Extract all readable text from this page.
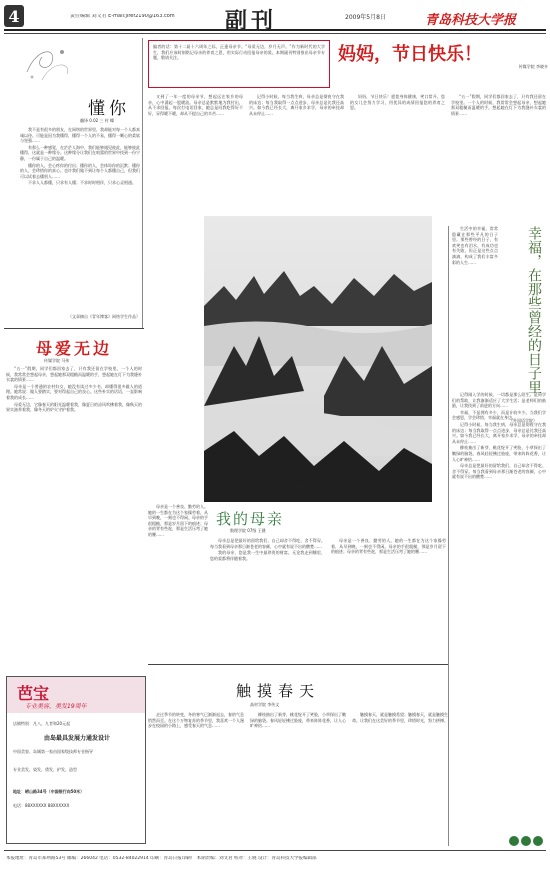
4	责任编辑 刘文君 E-mail:jiref2190@163.com	副刊	2009年5月8日	青岛科技大学报
懂你
翻译 0.02 三 村 蝶

我不是有很多的朋友，在网络的世界里，我却能对每一个人都真诚以待。可能是因为我懂得，懂得一个人的不易，懂得一颗心的柔软与坚强……

有那么一种感觉，在茫茫人海中，我们能够遇见彼此，能够彼此懂得，这就是一种缘分。这种缘分让我们在喧嚣的世界中找到一份宁静，一份属于自己的温暖。

懂你的人，会心疼你的付出；懂你的人，会体谅你的沉默；懂你的人，会珍惜你的真心。也许我们做不到让每个人都懂自己，但我们可以试着去懂别人……

不求人人都懂，只求有人懂；不求时时相伴，只求心灵相通。

（文章摘自《青年博客》网络学生作品）
母爱无边
传媒学院 马伟

“五一”假期，同学们都回家去了，只有我还留在学校里。一个人的时候，我常常会想起母亲，想起她那双粗糙而温暖的手，想起她在灯下为我缝补衣裳的情景……

母亲是一个普通的农村妇女，她没有读过多少书，却懂得很多做人的道理。她常说：做人要踏实，要对得起自己的良心。这些朴实的话语，一直影响着我的成长……

母爱无边，它像春天的阳光温暖着我，像夏日的凉风吹拂着我，像秋天的果实滋养着我，像冬天的炉火守护着我。

芭宝
专业美容，美发19周年
店铺特别：凡八、九者和20元起
由岛最具发展力通发设计
中国美容、岛城第一家由国家级技师专业指导
专业美发、染发、烫发、护发、造型
地址：崂山路34号（中国银行向50米）
电话：88XXXXXX 88XXXXXX
编者的话：第十二届十六周年之际，正逢母亲节。“母爱无边，岁月无声。”作为新时代的大学生，我们应该时刻铭记母亲的养育之恩，用实际行动回报母亲的爱。本期副刊特别推出母亲节专题，敬请关注。	妈妈，节日快乐！
传媒学院 李晓卉

又到了一年一度的母亲节，想起远在家乡的母亲，心中涌起一股暖流。母亲总是默默地为我付出，从不求回报。每次打电话回家，她总是问我吃得好不好，穿得暖不暖，却从不提自己的辛苦……

记得小时候，每当我生病，母亲总是彻夜守在我的床边；每当我取得一点点进步，母亲总是比我还高兴。如今我已经长大，离开家乡求学，母亲的牵挂却从未停止……

妈妈，节日快乐！愿您身体健康，笑口常开。您的女儿会努力学习，用优异的成绩回报您的养育之恩。

“五一”假期，同学们都回家去了，只有我还留在学校里。一个人的时候，我常常会想起母亲，想起她那双粗糙而温暖的手，想起她在灯下为我缝补衣裳的情景……

黄山云海	赵松 摄

母亲是一个善良、勤劳的人。她的一生都在为这个家操劳着，从早到晚，一刻也不得闲。母亲的手很粗糙，那是岁月留下的痕迹；母亲的背有些驼，那是生活压弯了她的腰……

我的母亲
数理学院 07级 王健

母亲总是把最好的留给我们，自己却舍不得吃、舍不得穿。每当我看到母亲那日渐苍老的容颜，心中就有说不出的酸楚……

我的母亲，您是我一生中最珍贵的财富。无论我走到哪里，您的爱都将伴随着我。

母亲是一个善良、勤劳的人。她的一生都在为这个家操劳着，从早到晚，一刻也不得闲。母亲的手很粗糙，那是岁月留下的痕迹；母亲的背有些驼，那是生活压弯了她的腰……

触摸春天
高材学院 李传文

走过季节的转变，冬的寒气已渐渐退去，春的气息悄然而至。在这个万物复苏的季节里，我喜欢一个人漫步在校园的小路上，感受春天的气息……

柳枝抽出了新芽，桃花绽开了笑脸，小草探出了嫩绿的脑袋。春风轻轻拂过脸庞，带来阵阵花香，让人心旷神怡……

触摸春天，就是触摸希望；触摸春天，就是触摸生命。让我们在这美好的季节里，珍惜时光，努力拼搏。

生活中的幸福，常常隐藏在那些平凡的日子里。那些曾经的日子，有欢笑也有泪水，有成功也有失败，但正是这些点点滴滴，构成了我们丰富多彩的人生……	幸福，在那些曾经的日子里

记得刚入学的时候，一切都是那么陌生。是同学们的帮助，让我渐渐适应了大学生活；是老师们的鼓励，让我找到了前进的方向……

幸福，不是拥有多少，而是计较多少。当我们学会感恩，学会珍惜，幸福就在身边。

记得小时候，每当我生病，母亲总是彻夜守在我的床边；每当我取得一点点进步，母亲总是比我还高兴。如今我已经长大，离开家乡求学，母亲的牵挂却从未停止……

柳枝抽出了新芽，桃花绽开了笑脸，小草探出了嫩绿的脑袋。春风轻轻拂过脸庞，带来阵阵花香，让人心旷神怡……

母亲总是把最好的留给我们，自己却舍不得吃、舍不得穿。每当我看到母亲那日渐苍老的容颜，心中就有说不出的酸楚……

（外国语学院）
本报地址：青岛市郑州路53号 邮编：266042 电话：0532-84022914 印刷：青岛日报印刷厂 本期责编：刘文君 校对：王晓 设计：青岛科技大学报编辑部
